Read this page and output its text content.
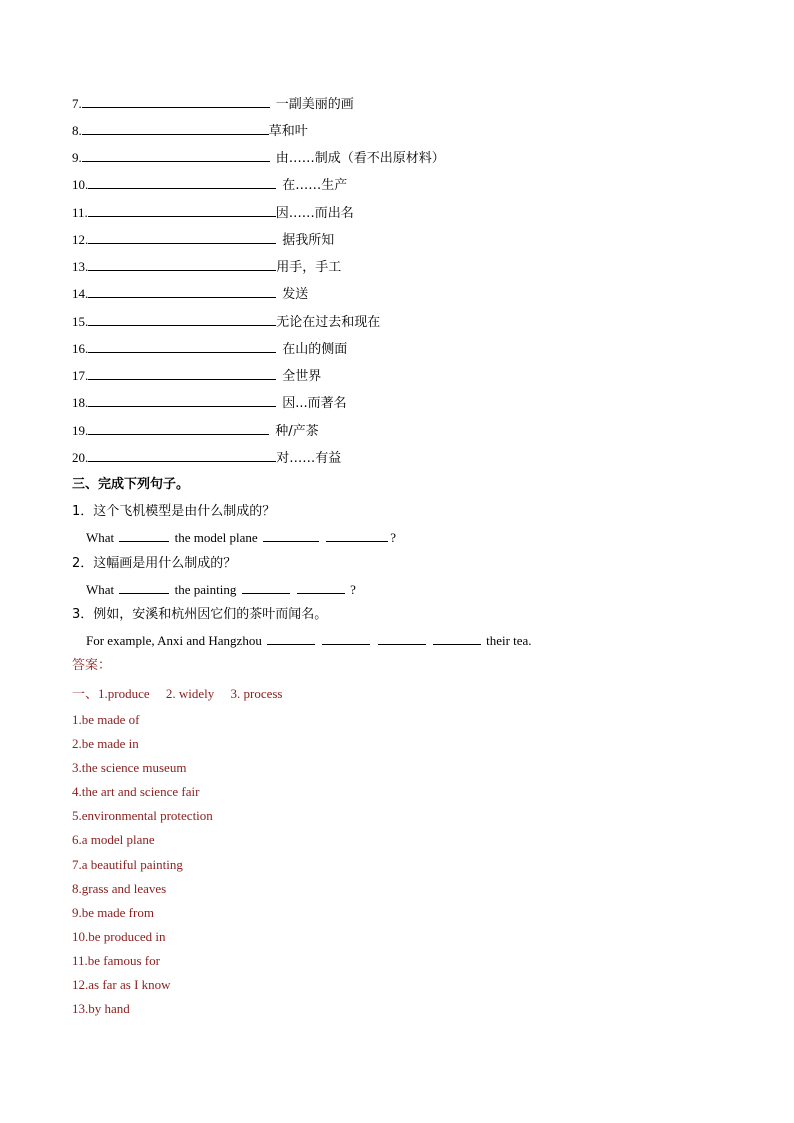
7.	一副美丽的画
8.	草和叶
9.	由……制成（看不出原材料）
10.	在……生产
11.	因……而出名
12.	据我所知
13.	用手，手工
14.	发送
15.	无论在过去和现在
16.	在山的侧面
17.	全世界
18.	因...而著名
19.	种/产茶
20.	对……有益
三、完成下列句子。
1．这个飞机模型是由什么制成的？
What	the model plane	?
2．这幅画是用什么制成的？
What	the painting	?
3．例如，安溪和杭州因它们的茶叶而闻名。
For example, Anxi and Hangzhou	their tea.
答案：
一、1.produce　 2. widely　 3. process
1.be made of
2.be made in
3.the science museum
4.the art and science fair
5.environmental protection
6.a model plane
7.a beautiful painting
8.grass and leaves
9.be made from
10.be produced in
11.be famous for
12.as far as I know
13.by hand
